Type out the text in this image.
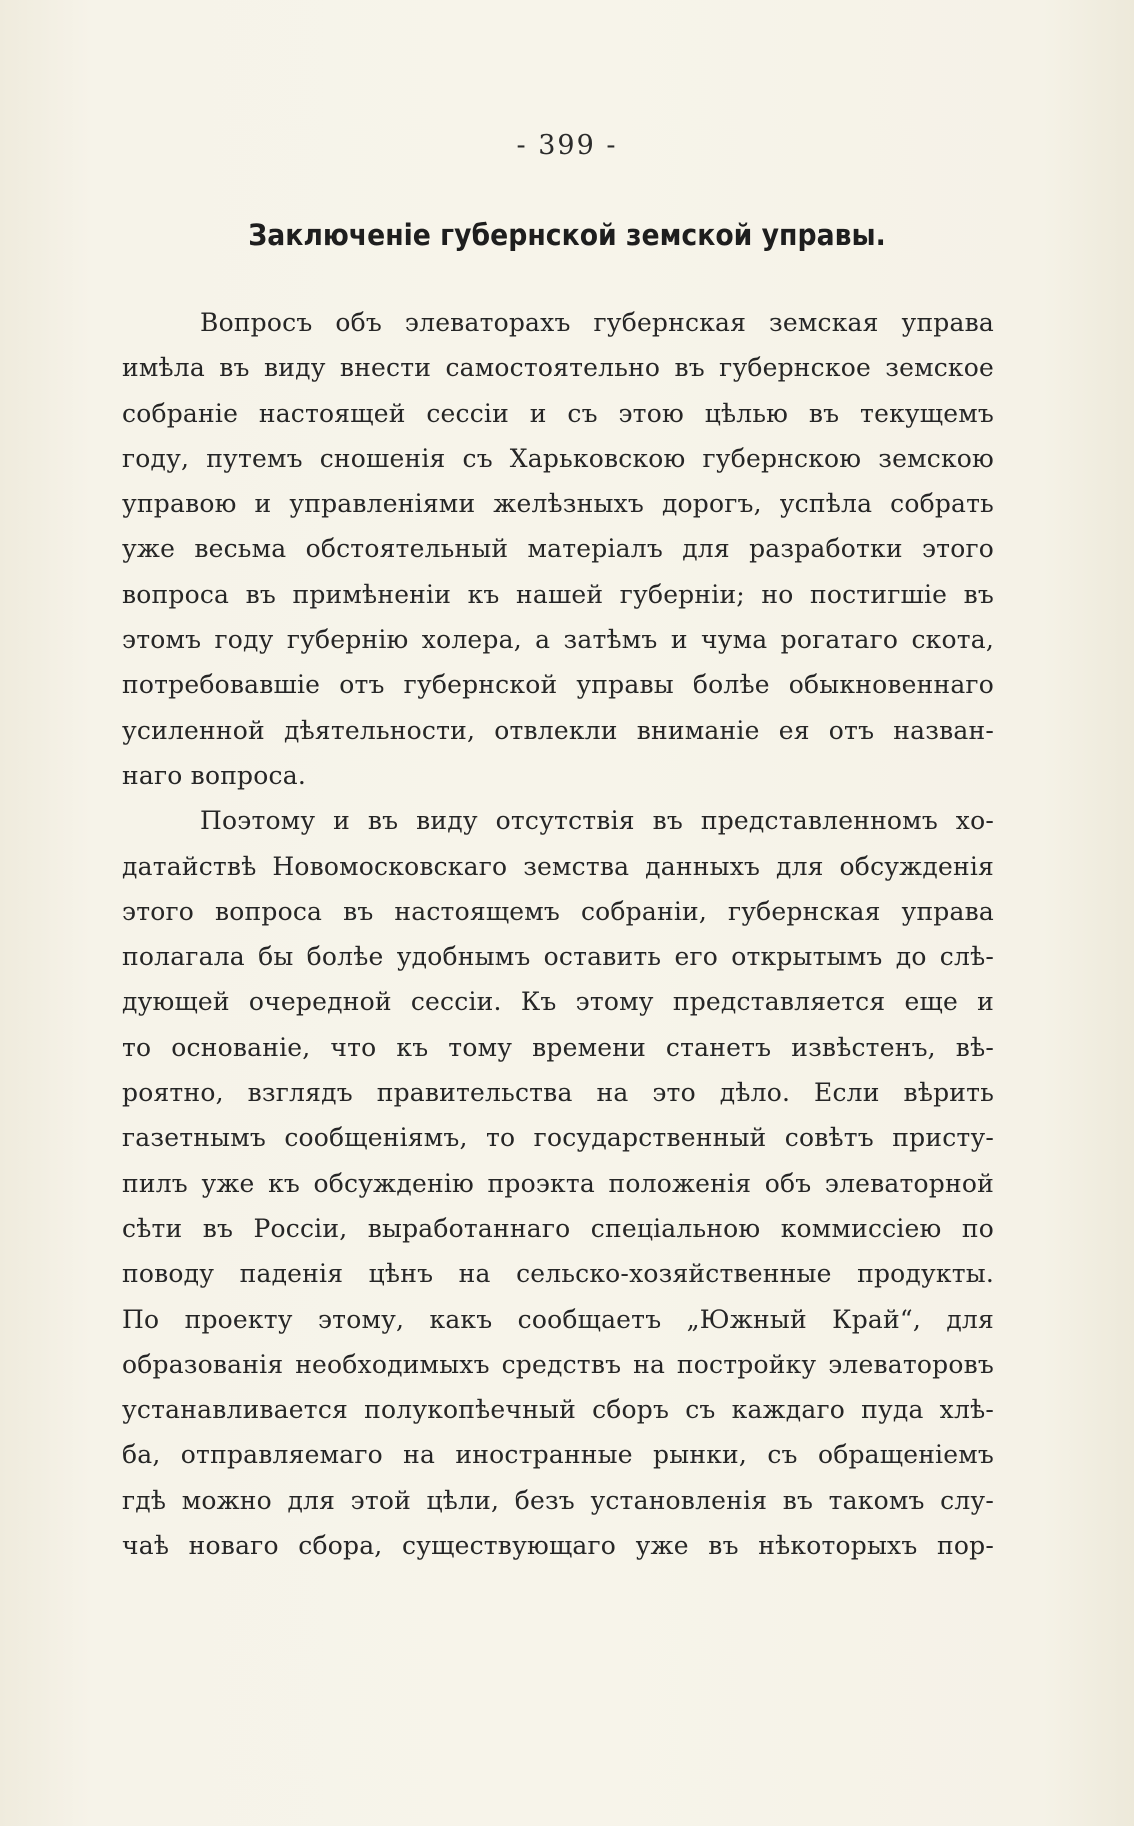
- 399 -
Заключеніе губернской земской управы.
Вопросъ объ элеваторахъ губернская земская управа
имѣла въ виду внести самостоятельно въ губернское земское
собраніе настоящей сессіи и съ этою цѣлью въ текущемъ
году, путемъ сношенія съ Харьковскою губернскою земскою
управою и управленіями желѣзныхъ дорогъ, успѣла собрать
уже весьма обстоятельный матеріалъ для разработки этого
вопроса въ примѣненіи къ нашей губерніи; но постигшіе въ
этомъ году губернію холера, а затѣмъ и чума рогатаго скота,
потребовавшіе отъ губернской управы болѣе обыкновеннаго
усиленной дѣятельности, отвлекли вниманіе ея отъ назван-
наго вопроса.
Поэтому и въ виду отсутствія въ представленномъ хо-
датайствѣ Новомосковскаго земства данныхъ для обсужденія
этого вопроса въ настоящемъ собраніи, губернская управа
полагала бы болѣе удобнымъ оставить его открытымъ до слѣ-
дующей очередной сессіи. Къ этому представляется еще и
то основаніе, что къ тому времени станетъ извѣстенъ, вѣ-
роятно, взглядъ правительства на это дѣло. Если вѣрить
газетнымъ сообщеніямъ, то государственный совѣтъ присту-
пилъ уже къ обсужденію проэкта положенія объ элеваторной
сѣти въ Россіи, выработаннаго спеціальною коммиссіею по
поводу паденія цѣнъ на сельско-хозяйственные продукты.
По проекту этому, какъ сообщаетъ „Южный Край“, для
образованія необходимыхъ средствъ на постройку элеваторовъ
устанавливается полукопѣечный сборъ съ каждаго пуда хлѣ-
ба, отправляемаго на иностранные рынки, съ обращеніемъ
гдѣ можно для этой цѣли, безъ установленія въ такомъ слу-
чаѣ новаго сбора, существующаго уже въ нѣкоторыхъ пор-
